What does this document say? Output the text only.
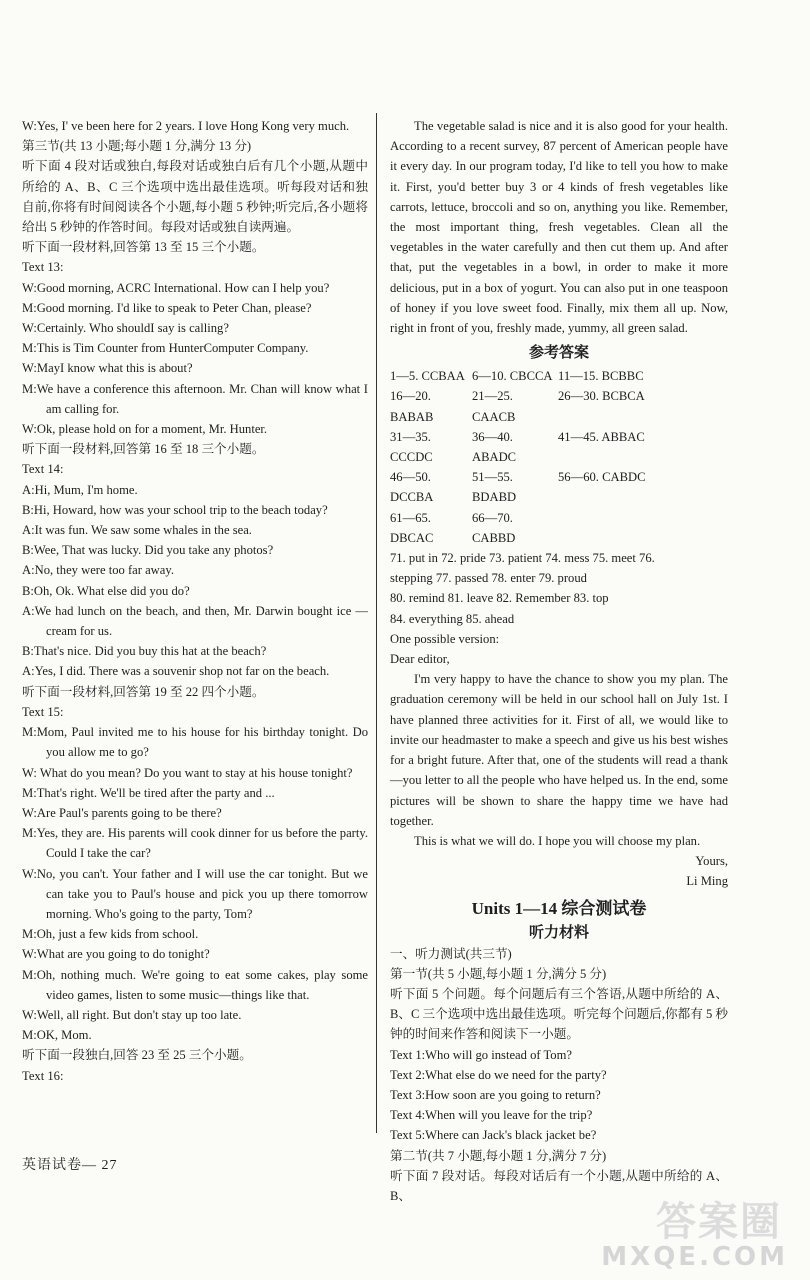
W:Yes, I' ve been here for 2 years. I love Hong Kong very much.

第三节(共 13 小题;每小题 1 分,满分 13 分)

听下面 4 段对话或独白,每段对话或独白后有几个小题,从题中所给的 A、B、C 三个选项中选出最佳选项。听每段对话和独自前,你将有时间阅读各个小题,每小题 5 秒钟;听完后,各小题将给出 5 秒钟的作答时间。每段对话或独自读两遍。

听下面一段材料,回答第 13 至 15 三个小题。

Text 13:

W:Good morning, ACRC International. How can I help you?

M:Good morning. I'd like to speak to Peter Chan, please?

W:Certainly. Who shouldI say is calling?

M:This is Tim Counter from HunterComputer Company.

W:MayI know what this is about?

M:We have a conference this afternoon. Mr. Chan will know what I am calling for.

W:Ok, please hold on for a moment, Mr. Hunter.

听下面一段材料,回答第 16 至 18 三个小题。

Text 14:

A:Hi, Mum, I'm home.

B:Hi, Howard, how was your school trip to the beach today?

A:It was fun. We saw some whales in the sea.

B:Wee, That was lucky. Did you take any photos?

A:No, they were too far away.

B:Oh, Ok. What else did you do?

A:We had lunch on the beach, and then, Mr. Darwin bought ice —cream for us.

B:That's nice. Did you buy this hat at the beach?

A:Yes, I did. There was a souvenir shop not far on the beach.

听下面一段材料,回答第 19 至 22 四个小题。

Text 15:

M:Mom, Paul invited me to his house for his birthday tonight. Do you allow me to go?

W: What do you mean? Do you want to stay at his house tonight?

M:That's right. We'll be tired after the party and ...

W:Are Paul's parents going to be there?

M:Yes, they are. His parents will cook dinner for us before the party. Could I take the car?

W:No, you can't. Your father and I will use the car tonight. But we can take you to Paul's house and pick you up there tomorrow morning. Who's going to the party, Tom?

M:Oh, just a few kids from school.

W:What are you going to do tonight?

M:Oh, nothing much. We're going to eat some cakes, play some video games, listen to some music—things like that.

W:Well, all right. But don't stay up too late.

M:OK, Mom.

听下面一段独白,回答 23 至 25 三个小题。

Text 16:

The vegetable salad is nice and it is also good for your health. According to a recent survey, 87 percent of American people have it every day. In our program today, I'd like to tell you how to make it. First, you'd better buy 3 or 4 kinds of fresh vegetables like carrots, lettuce, broccoli and so on, anything you like. Remember, the most important thing, fresh vegetables. Clean all the vegetables in the water carefully and then cut them up. And after that, put the vegetables in a bowl, in order to make it more delicious, put in a box of yogurt. You can also put in one teaspoon of honey if you love sweet food. Finally, mix them all up. Now, right in front of you, freshly made, yummy, all green salad.

参考答案
1—5. CCBAA 6—10. CBCCA 11—15. BCBBC
16—20. BABAB
21—25. CAACB
26—30. BCBCA
31—35. CCCDC
36—40. ABADC
41—45. ABBAC
46—50. DCCBA
51—55. BDABD
56—60. CABDC
61—65. DBCAC
66—70. CABBD

71. put in 72. pride 73. patient 74. mess 75. meet 76.

stepping 77. passed 78. enter 79. proud

80. remind 81. leave 82. Remember 83. top

84. everything 85. ahead

One possible version:

Dear editor,

I'm very happy to have the chance to show you my plan. The graduation ceremony will be held in our school hall on July 1st. I have planned three activities for it. First of all, we would like to invite our headmaster to make a speech and give us his best wishes for a bright future. After that, one of the students will read a thank—you letter to all the people who have helped us. In the end, some pictures will be shown to share the happy time we have had together.

This is what we will do. I hope you will choose my plan.

Yours,

Li Ming

Units 1—14 综合测试卷
听力材料

一、听力测试(共三节)

第一节(共 5 小题,每小题 1 分,满分 5 分)

听下面 5 个问题。每个问题后有三个答语,从题中所给的 A、B、C 三个选项中选出最佳选项。听完每个问题后,你都有 5 秒钟的时间来作答和阅读下一小题。

Text 1:Who will go instead of Tom?

Text 2:What else do we need for the party?

Text 3:How soon are you going to return?

Text 4:When will you leave for the trip?

Text 5:Where can Jack's black jacket be?

第二节(共 7 小题,每小题 1 分,满分 7 分)

听下面 7 段对话。每段对话后有一个小题,从题中所给的 A、B、

英语试卷— 27
答案圈
MXQE.COM
